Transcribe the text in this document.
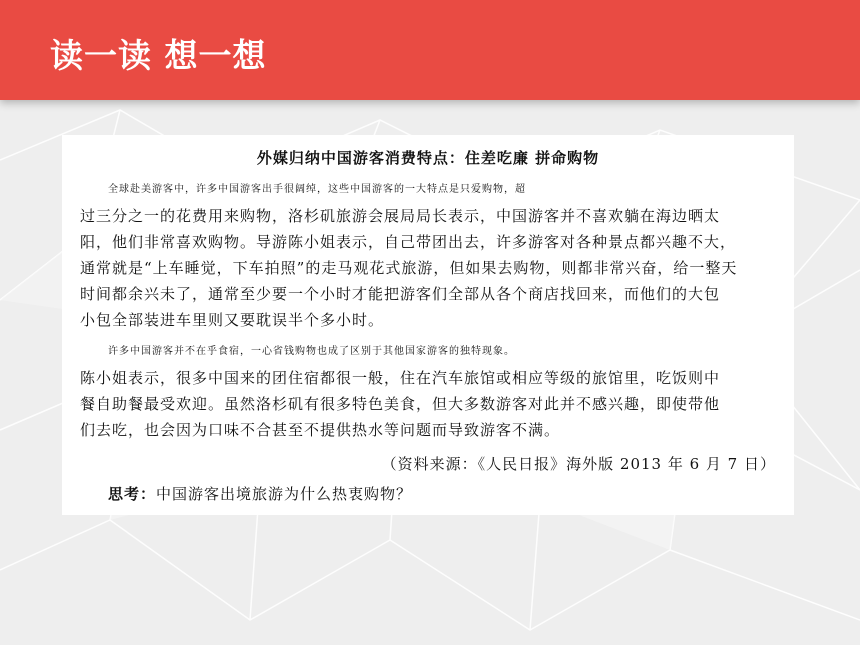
读一读 想一想
外媒归纳中国游客消费特点：住差吃廉 拼命购物
全球赴美游客中，许多中国游客出手很阔绰，这些中国游客的一大特点是只爱购物，超
过三分之一的花费用来购物，洛杉矶旅游会展局局长表示，中国游客并不喜欢躺在海边晒太
阳，他们非常喜欢购物。导游陈小姐表示，自己带团出去，许多游客对各种景点都兴趣不大，
通常就是“上车睡觉，下车拍照”的走马观花式旅游，但如果去购物，则都非常兴奋，给一整天
时间都余兴未了，通常至少要一个小时才能把游客们全部从各个商店找回来，而他们的大包
小包全部装进车里则又要耽误半个多小时。
许多中国游客并不在乎食宿，一心省钱购物也成了区别于其他国家游客的独特现象。
陈小姐表示，很多中国来的团住宿都很一般，住在汽车旅馆或相应等级的旅馆里，吃饭则中
餐自助餐最受欢迎。虽然洛杉矶有很多特色美食，但大多数游客对此并不感兴趣，即使带他
们去吃，也会因为口味不合甚至不提供热水等问题而导致游客不满。
（资料来源：《人民日报》海外版 2013 年 6 月 7 日）
思考：中国游客出境旅游为什么热衷购物？
